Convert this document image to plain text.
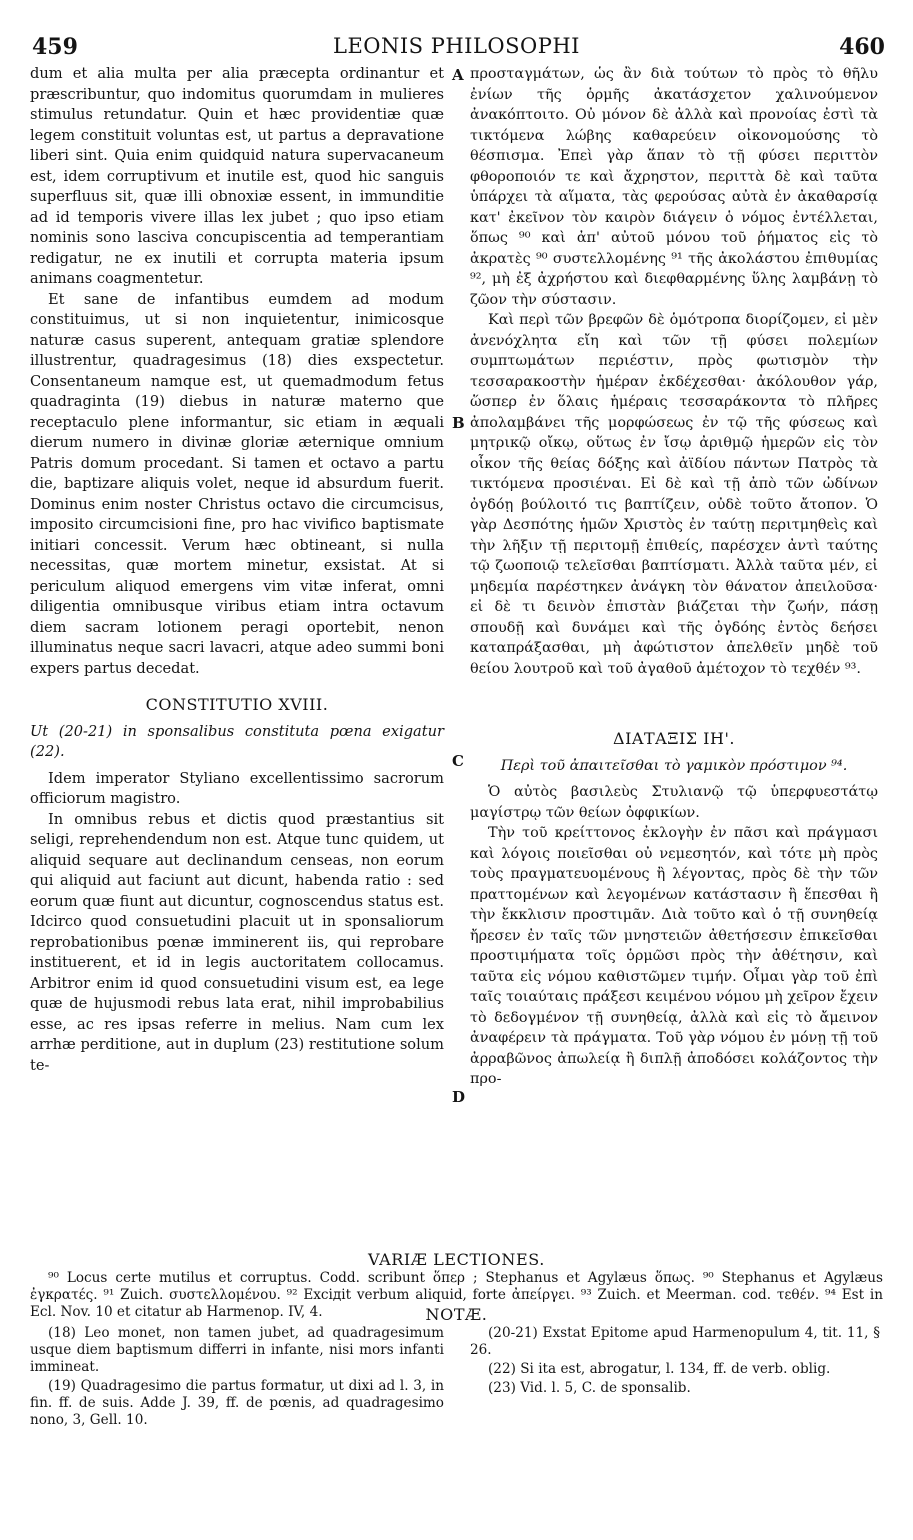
459	LEONIS PHILOSOPHI	460

dum et alia multa per alia præcepta ordinantur et præscribuntur, quo indomitus quorumdam in mulieres stimulus retundatur. Quin et hæc providentiæ quæ legem constituit voluntas est, ut partus a depravatione liberi sint. Quia enim quidquid natura supervacaneum est, idem corruptivum et inutile est, quod hic sanguis superfluus sit, quæ illi obnoxiæ essent, in immunditie ad id temporis vivere illas lex jubet ; quo ipso etiam nominis sono lasciva concupiscentia ad temperantiam redigatur, ne ex inutili et corrupta materia ipsum animans coagmentetur.

Et sane de infantibus eumdem ad modum constituimus, ut si non inquietentur, inimicosque naturæ casus superent, antequam gratiæ splendore illustrentur, quadragesimus (18) dies exspectetur. Consentaneum namque est, ut quemadmodum fetus quadraginta (19) diebus in naturæ materno que receptaculo plene informantur, sic etiam in æquali dierum numero in divinæ gloriæ æternique omnium Patris domum procedant. Si tamen et octavo a partu die, baptizare aliquis volet, neque id absurdum fuerit. Dominus enim noster Christus octavo die circumcisus, imposito circumcisioni fine, pro hac vivifico baptismate initiari concessit. Verum hæc obtineant, si nulla necessitas, quæ mortem minetur, exsistat. At si periculum aliquod emergens vim vitæ inferat, omni diligentia omnibusque viribus etiam intra octavum diem sacram lotionem peragi oportebit, nenon illuminatus neque sacri lavacri, atque adeo summi boni expers partus decedat.

CONSTITUTIO XVIII.

Ut (20-21) in sponsalibus constituta pœna exigatur (22).

Idem imperator Styliano excellentissimo sacrorum officiorum magistro.

In omnibus rebus et dictis quod præstantius sit seligi, reprehendendum non est. Atque tunc quidem, ut aliquid sequare aut declinandum censeas, non eorum qui aliquid aut faciunt aut dicunt, habenda ratio : sed eorum quæ fiunt aut dicuntur, cognoscendus status est. Idcirco quod consuetudini placuit ut in sponsaliorum reprobationibus pœnæ imminerent iis, qui reprobare instituerent, et id in legis auctoritatem collocamus. Arbitror enim id quod consuetudini visum est, ea lege quæ de hujusmodi rebus lata erat, nihil improbabilius esse, ac res ipsas referre in melius. Nam cum lex arrhæ perditione, aut in duplum (23) restitutione solum te-

A
B
C
D

προσταγμάτων, ὡς ἂν διὰ τούτων τὸ πρὸς τὸ θῆλυ ἐνίων τῆς ὁρμῆς ἀκατάσχετον χαλινούμενον ἀνακόπτοιτο. Οὐ μόνον δὲ ἀλλὰ καὶ προνοίας ἐστὶ τὰ τικτόμενα λώβης καθαρεύειν οἰκονομούσης τὸ θέσπισμα. Ἐπεὶ γὰρ ἅπαν τὸ τῇ φύσει περιττὸν φθοροποιόν τε καὶ ἄχρηστον, περιττὰ δὲ καὶ ταῦτα ὑπάρχει τὰ αἵματα, τὰς φερούσας αὐτὰ ἐν ἀκαθαρσίᾳ κατ' ἐκεῖνον τὸν καιρὸν διάγειν ὁ νόμος ἐντέλλεται, ὅπως ⁹⁰ καὶ ἀπ' αὐτοῦ μόνου τοῦ ῥήματος εἰς τὸ ἀκρατὲς ⁹⁰ συστελλομένης ⁹¹ τῆς ἀκολάστου ἐπιθυμίας ⁹², μὴ ἐξ ἀχρήστου καὶ διεφθαρμένης ὕλης λαμβάνῃ τὸ ζῶον τὴν σύστασιν.

Καὶ περὶ τῶν βρεφῶν δὲ ὁμότροπα διορίζομεν, εἰ μὲν ἀνενόχλητα εἴη καὶ τῶν τῇ φύσει πολεμίων συμπτωμάτων περιέστιν, πρὸς φωτισμὸν τὴν τεσσαρακοστὴν ἡμέραν ἐκδέχεσθαι· ἀκόλουθον γάρ, ὥσπερ ἐν ὅλαις ἡμέραις τεσσαράκοντα τὸ πλῆρες ἀπολαμβάνει τῆς μορφώσεως ἐν τῷ τῆς φύσεως καὶ μητρικῷ οἴκῳ, οὕτως ἐν ἴσῳ ἀριθμῷ ἡμερῶν εἰς τὸν οἶκον τῆς θείας δόξης καὶ ἀϊδίου πάντων Πατρὸς τὰ τικτόμενα προσιέναι. Εἰ δὲ καὶ τῇ ἀπὸ τῶν ὠδίνων ὀγδόῃ βούλοιτό τις βαπτίζειν, οὐδὲ τοῦτο ἄτοπον. Ὁ γὰρ Δεσπότης ἡμῶν Χριστὸς ἐν ταύτῃ περιτμηθεὶς καὶ τὴν λῆξιν τῇ περιτομῇ ἐπιθείς, παρέσχεν ἀντὶ ταύτης τῷ ζωοποιῷ τελεῖσθαι βαπτίσματι. Ἀλλὰ ταῦτα μέν, εἰ μηδεμία παρέστηκεν ἀνάγκη τὸν θάνατον ἀπειλοῦσα· εἰ δὲ τι δεινὸν ἐπιστὰν βιάζεται τὴν ζωήν, πάσῃ σπουδῇ καὶ δυνάμει καὶ τῆς ὀγδόης ἐντὸς δεήσει καταπράξασθαι, μὴ ἀφώτιστον ἀπελθεῖν μηδὲ τοῦ θείου λουτροῦ καὶ τοῦ ἀγαθοῦ ἀμέτοχον τὸ τεχθέν ⁹³.

ΔΙΑΤΑΞΙΣ ΙΗ'.

Περὶ τοῦ ἀπαιτεῖσθαι τὸ γαμικὸν πρόστιμον ⁹⁴.

Ὁ αὐτὸς βασιλεὺς Στυλιανῷ τῷ ὑπερφυεστάτῳ μαγίστρῳ τῶν θείων ὀφφικίων.

Τὴν τοῦ κρείττονος ἐκλογὴν ἐν πᾶσι καὶ πράγμασι καὶ λόγοις ποιεῖσθαι οὐ νεμεσητόν, καὶ τότε μὴ πρὸς τοὺς πραγματευομένους ἢ λέγοντας, πρὸς δὲ τὴν τῶν πραττομένων καὶ λεγομένων κατάστασιν ἢ ἕπεσθαι ἢ τὴν ἔκκλισιν προστιμᾶν. Διὰ τοῦτο καὶ ὁ τῇ συνηθείᾳ ἤρεσεν ἐν ταῖς τῶν μνηστειῶν ἀθετήσεσιν ἐπικεῖσθαι προστιμήματα τοῖς ὁρμῶσι πρὸς τὴν ἀθέτησιν, καὶ ταῦτα εἰς νόμου καθιστῶμεν τιμήν. Οἶμαι γὰρ τοῦ ἐπὶ ταῖς τοιαύταις πράξεσι κειμένου νόμου μὴ χεῖρον ἔχειν τὸ δεδογμένον τῇ συνηθείᾳ, ἀλλὰ καὶ εἰς τὸ ἄμεινον ἀναφέρειν τὰ πράγματα. Τοῦ γὰρ νόμου ἐν μόνῃ τῇ τοῦ ἀρραβῶνος ἀπωλείᾳ ἢ διπλῇ ἀποδόσει κολάζοντος τὴν προ-

VARIÆ LECTIONES.

⁹⁰ Locus certe mutilus et corruptus. Codd. scribunt ὅπερ ; Stephanus et Agylæus ὅπως. ⁹⁰ Stephanus et Agylæus ἐγκρατές. ⁹¹ Zuich. συστελλομένου. ⁹² Exciдit verbum aliquid, forte ἀπείργει. ⁹³ Zuich. et Meerman. cod. τεθέν. ⁹⁴ Est in Ecl. Nov. 10 et citatur ab Harmenop. IV, 4.	NOTÆ.

(18) Leo monet, non tamen jubet, ad quadragesimum usque diem baptismum differri in infante, nisi mors infanti immineat.

(19) Quadragesimo die partus formatur, ut dixi ad l. 3, in fin. ff. de suis. Adde J. 39, ff. de pœnis, ad quadragesimo nono, 3, Gell. 10.

(20-21) Exstat Epitome apud Harmenopulum 4, tit. 11, § 26.

(22) Si ita est, abrogatur, l. 134, ff. de verb. oblig.

(23) Vid. l. 5, C. de sponsalib.
